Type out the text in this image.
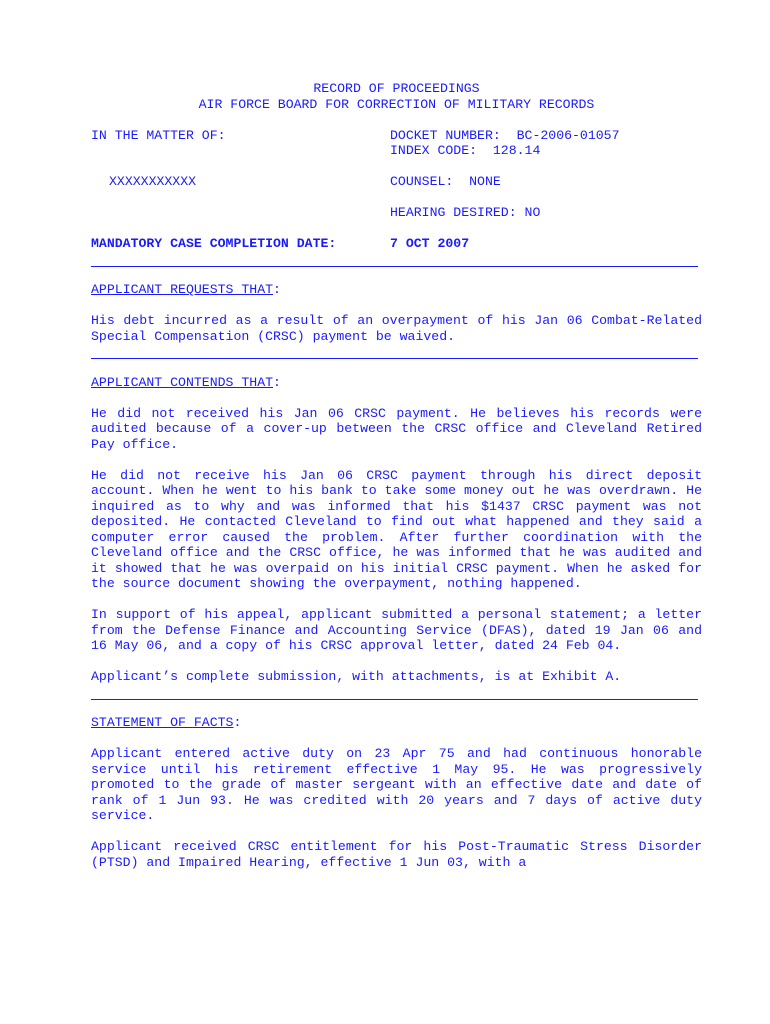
RECORD OF PROCEEDINGS
AIR FORCE BOARD FOR CORRECTION OF MILITARY RECORDS
IN THE MATTER OF:	DOCKET NUMBER:  BC-2006-01057
INDEX CODE:  128.14
XXXXXXXXXXX	COUNSEL:  NONE
HEARING DESIRED: NO
MANDATORY CASE COMPLETION DATE:	7 OCT 2007
APPLICANT REQUESTS THAT:
His debt incurred as a result of an overpayment of his Jan 06 Combat-Related Special Compensation (CRSC) payment be waived.
APPLICANT CONTENDS THAT:
He did not received his Jan 06 CRSC payment. He believes his records were audited because of a cover-up between the CRSC office and Cleveland Retired Pay office.
He did not receive his Jan 06 CRSC payment through his direct deposit account. When he went to his bank to take some money out he was overdrawn. He inquired as to why and was informed that his $1437 CRSC payment was not deposited. He contacted Cleveland to find out what happened and they said a computer error caused the problem. After further coordination with the Cleveland office and the CRSC office, he was informed that he was audited and it showed that he was overpaid on his initial CRSC payment. When he asked for the source document showing the overpayment, nothing happened.
In support of his appeal, applicant submitted a personal statement; a letter from the Defense Finance and Accounting Service (DFAS), dated 19 Jan 06 and 16 May 06, and a copy of his CRSC approval letter, dated 24 Feb 04.
Applicant’s complete submission, with attachments, is at Exhibit A.
STATEMENT OF FACTS:
Applicant entered active duty on 23 Apr 75 and had continuous honorable service until his retirement effective 1 May 95. He was progressively promoted to the grade of master sergeant with an effective date and date of rank of 1 Jun 93. He was credited with 20 years and 7 days of active duty service.
Applicant received CRSC entitlement for his Post-Traumatic Stress Disorder (PTSD) and Impaired Hearing, effective 1 Jun 03, with a
